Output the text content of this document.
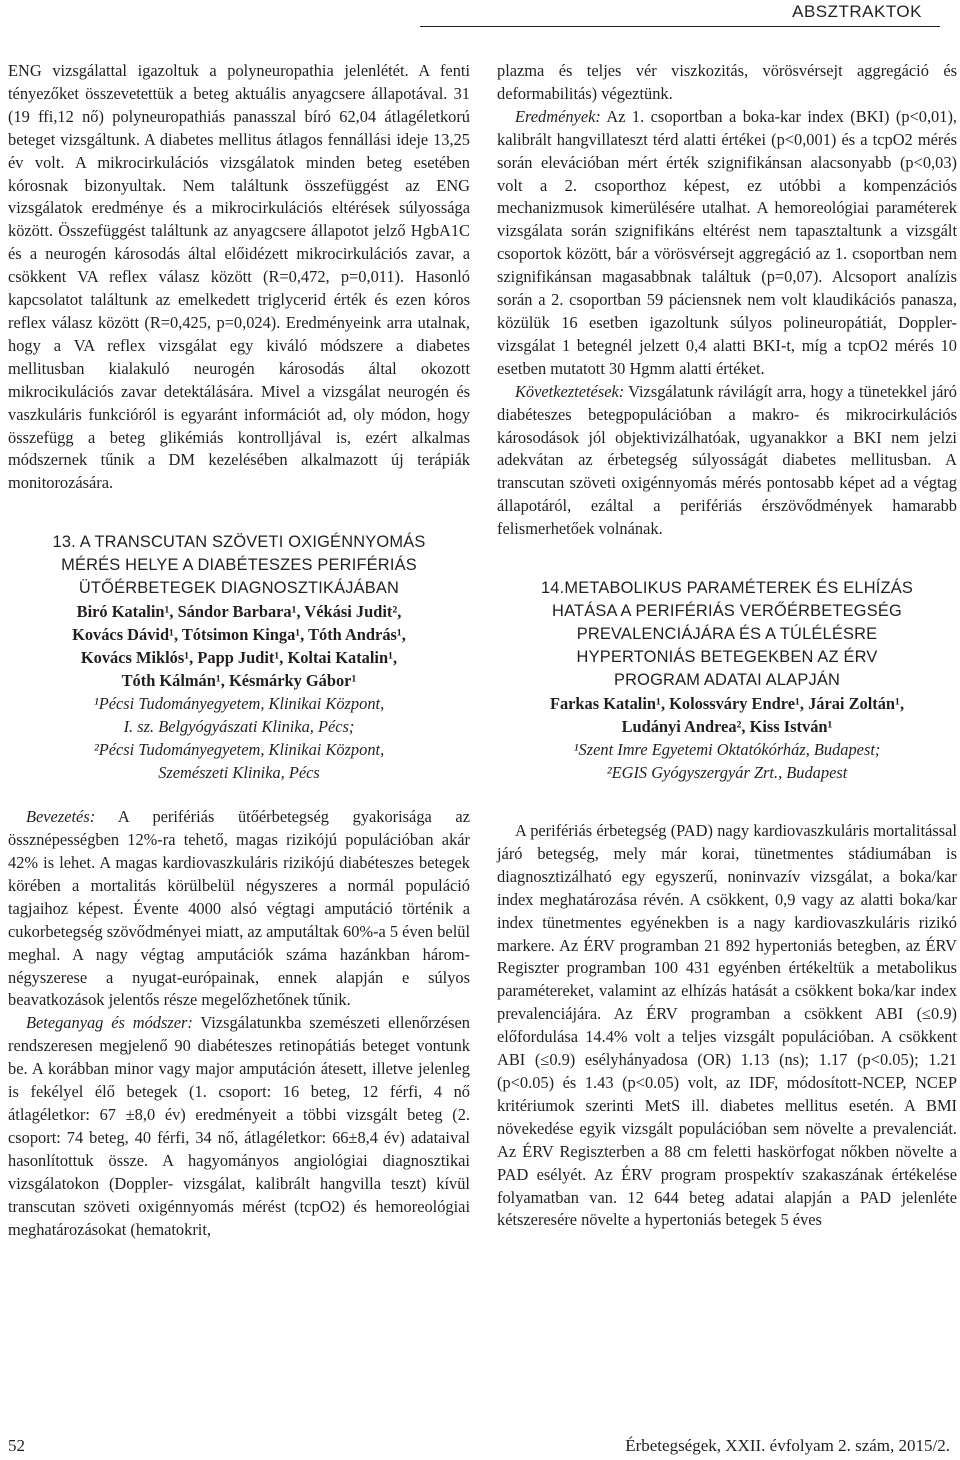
ABSZTRAKTOK

ENG vizsgálattal igazoltuk a polyneuropathia jelenlétét. A fenti tényezőket összevetettük a beteg aktuális anyagcsere állapotával. 31 (19 ffi,12 nő) polyneuropathiás panasszal bíró 62,04 átlagéletkorú beteget vizsgáltunk. A diabetes mellitus átlagos fennállási ideje 13,25 év volt. A mikrocirkulációs vizsgálatok minden beteg esetében kórosnak bizonyultak. Nem találtunk összefüggést az ENG vizsgálatok eredménye és a mikrocirkulációs eltérések súlyossága között. Összefüggést találtunk az anyagcsere állapotot jelző HgbA1C és a neurogén károsodás által előidézett mikrocirkulációs zavar, a csökkent VA reflex válasz között (R=0,472, p=0,011). Hasonló kapcsolatot találtunk az emelkedett triglycerid érték és ezen kóros reflex válasz között (R=0,425, p=0,024). Eredményeink arra utalnak, hogy a VA reflex vizsgálat egy kiváló módszere a diabetes mellitusban kialakuló neurogén károsodás által okozott mikrocikulációs zavar detektálására. Mivel a vizsgálat neurogén és vaszkuláris funkcióról is egyaránt információt ad, oly módon, hogy összefügg a beteg glikémiás kontrolljával is, ezért alkalmas módszernek tűnik a DM kezelésében alkalmazott új terápiák monitorozására.

13. A TRANSCUTAN SZÖVETI OXIGÉNNYOMÁS
MÉRÉS HELYE A DIABÉTESZES PERIFÉRIÁS
ÜTŐÉRBETEGEK DIAGNOSZTIKÁJÁBAN
Biró Katalin¹, Sándor Barbara¹, Vékási Judit²,
Kovács Dávid¹, Tótsimon Kinga¹, Tóth András¹,
Kovács Miklós¹, Papp Judit¹, Koltai Katalin¹,
Tóth Kálmán¹, Késmárky Gábor¹
¹Pécsi Tudományegyetem, Klinikai Központ,
I. sz. Belgyógyászati Klinika, Pécs;
²Pécsi Tudományegyetem, Klinikai Központ,
Szemészeti Klinika, Pécs

Bevezetés: A perifériás ütőérbetegség gyakorisága az össznépességben 12%-ra tehető, magas rizikójú populációban akár 42% is lehet. A magas kardiovaszkuláris rizikójú diabéteszes betegek körében a mortalitás körülbelül négyszeres a normál populáció tagjaihoz képest. Évente 4000 alsó végtagi amputáció történik a cukorbetegség szövődményei miatt, az amputáltak 60%-a 5 éven belül meghal. A nagy végtag amputációk száma hazánkban három-négyszerese a nyugat-európainak, ennek alapján e súlyos beavatkozások jelentős része megelőzhetőnek tűnik.

Beteganyag és módszer: Vizsgálatunkba szemészeti ellenőrzésen rendszeresen megjelenő 90 diabéteszes retinopátiás beteget vontunk be. A korábban minor vagy major amputáción átesett, illetve jelenleg is fekélyel élő betegek (1. csoport: 16 beteg, 12 férfi, 4 nő átlagéletkor: 67 ±8,0 év) eredményeit a többi vizsgált beteg (2. csoport: 74 beteg, 40 férfi, 34 nő, átlagéletkor: 66±8,4 év) adataival hasonlítottuk össze. A hagyományos angiológiai diagnosztikai vizsgálatokon (Doppler- vizsgálat, kalibrált hangvilla teszt) kívül transcutan szöveti oxigénnyomás mérést (tcpO2) és hemoreológiai meghatározásokat (hematokrit,

plazma és teljes vér viszkozitás, vörösvérsejt aggregáció és deformabilitás) végeztünk.

Eredmények: Az 1. csoportban a boka-kar index (BKI) (p<0,01), kalibrált hangvillateszt térd alatti értékei (p<0,001) és a tcpO2 mérés során elevációban mért érték szignifikánsan alacsonyabb (p<0,03) volt a 2. csoporthoz képest, ez utóbbi a kompenzációs mechanizmusok kimerülésére utalhat. A hemoreológiai paraméterek vizsgálata során szignifikáns eltérést nem tapasztaltunk a vizsgált csoportok között, bár a vörösvérsejt aggregáció az 1. csoportban nem szignifikánsan magasabbnak találtuk (p=0,07). Alcsoport analízis során a 2. csoportban 59 páciensnek nem volt klaudikációs panasza, közülük 16 esetben igazoltunk súlyos polineuropátiát, Doppler-vizsgálat 1 betegnél jelzett 0,4 alatti BKI-t, míg a tcpO2 mérés 10 esetben mutatott 30 Hgmm alatti értéket.

Következtetések: Vizsgálatunk rávilágít arra, hogy a tünetekkel járó diabéteszes betegpopulációban a makro- és mikrocirkulációs károsodások jól objektivizálhatóak, ugyanakkor a BKI nem jelzi adekvátan az érbetegség súlyosságát diabetes mellitusban. A transcutan szöveti oxigénnyomás mérés pontosabb képet ad a végtag állapotáról, ezáltal a perifériás érszövődmények hamarabb felismerhetőek volnának.

14.METABOLIKUS PARAMÉTEREK ÉS ELHÍZÁS
HATÁSA A PERIFÉRIÁS VERŐÉRBETEGSÉG
PREVALENCIÁJÁRA ÉS A TÚLÉLÉSRE
HYPERTONIÁS BETEGEKBEN AZ ÉRV
PROGRAM ADATAI ALAPJÁN
Farkas Katalin¹, Kolossváry Endre¹, Járai Zoltán¹,
Ludányi Andrea², Kiss István¹
¹Szent Imre Egyetemi Oktatókórház, Budapest;
²EGIS Gyógyszergyár Zrt., Budapest

A perifériás érbetegség (PAD) nagy kardiovaszkuláris mortalitással járó betegség, mely már korai, tünetmentes stádiumában is diagnosztizálható egy egyszerű, noninvazív vizsgálat, a boka/kar index meghatározása révén. A csökkent, 0,9 vagy az alatti boka/kar index tünetmentes egyénekben is a nagy kardiovaszkuláris rizikó markere. Az ÉRV programban 21 892 hypertoniás betegben, az ÉRV Regiszter programban 100 431 egyénben értékeltük a metabolikus paramétereket, valamint az elhízás hatását a csökkent boka/kar index prevalenciájára. Az ÉRV programban a csökkent ABI (≤0.9) előfordulása 14.4% volt a teljes vizsgált populációban. A csökkent ABI (≤0.9) esélyhányadosa (OR) 1.13 (ns); 1.17 (p<0.05); 1.21 (p<0.05) és 1.43 (p<0.05) volt, az IDF, módosított-NCEP, NCEP kritériumok szerinti MetS ill. diabetes mellitus esetén. A BMI növekedése egyik vizsgált populációban sem növelte a prevalenciát. Az ÉRV Regiszterben a 88 cm feletti haskörfogat nőkben növelte a PAD esélyét. Az ÉRV program prospektív szakaszának értékelése folyamatban van. 12 644 beteg adatai alapján a PAD jelenléte kétszeresére növelte a hypertoniás betegek 5 éves

52	Érbetegségek, XXII. évfolyam 2. szám, 2015/2.
